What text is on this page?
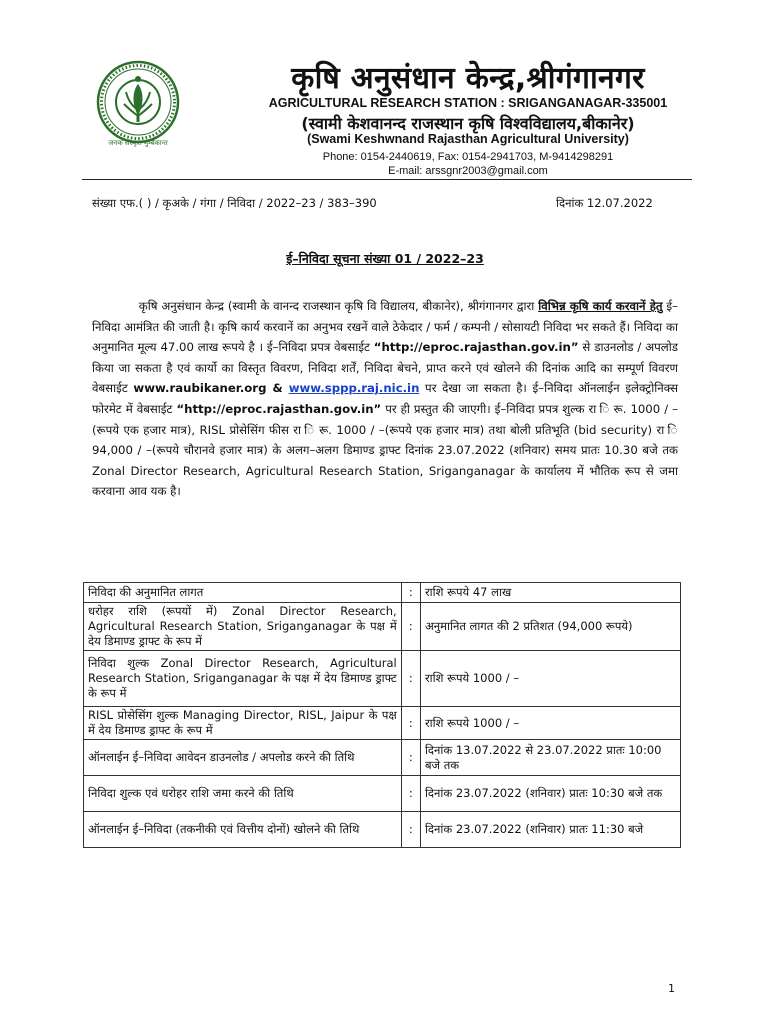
जनक संस्कृत मुम्बैकान्त
कृषि अनुसंधान केन्द्र,श्रीगंगानगर
AGRICULTURAL RESEARCH STATION : SRIGANGANAGAR-335001
(स्वामी केशवानन्द राजस्थान कृषि विश्वविद्यालय,बीकानेर)
(Swami Keshwnand Rajasthan Agricultural University)
Phone: 0154-2440619, Fax: 0154-2941703, M-9414298291
E-mail: arssgnr2003@gmail.com
संख्या एफ.( ) / कृअके / गंगा / निविदा / 2022–23 / 383–390	दिनांक 12.07.2022
ई–निविदा सूचना संख्या 01 / 2022–23
    कृषि अनुसंधान केन्द्र (स्वामी के वानन्द राजस्थान कृषि वि विद्यालय, बीकानेर), श्रीगंगानगर द्वारा विभिन्न कृषि कार्य करवानें हेतु ई–निविदा आमंत्रित की जाती है। कृषि कार्य करवानें का अनुभव रखनें वाले ठेकेदार / फर्म / कम्पनी / सोसायटी निविदा भर सकते हैं। निविदा का अनुमानित मूल्य 47.00 लाख रूपये है । ई–निविदा प्रपत्र वेबसाईट “http://eproc.rajasthan.gov.in” से डाउनलोड / अपलोड किया जा सकता है एवं कार्यो का विस्तृत विवरण, निविदा शर्तें, निविदा बेचने, प्राप्त करने एवं खोलने की दिनांक आदि का सम्पूर्ण विवरण वेबसाईट www.raubikaner.org & www.sppp.raj.nic.in पर देखा जा सकता है। ई–निविदा ऑनलाईन इलेक्ट्रोनिक्स फोरमेट में वेबसाईट “http://eproc.rajasthan.gov.in” पर ही प्रस्तुत की जाएगी। ई–निविदा प्रपत्र शुल्क रा ि रू. 1000 / –(रूपये एक हजार मात्र), RISL प्रोसेसिंग फीस रा ि रू. 1000 / –(रूपये एक हजार मात्र) तथा बोली प्रतिभूति (bid security) रा ि 94,000 / –(रूपये चौरानवे हजार मात्र) के अलग–अलग डिमाण्ड ड्राफ्ट दिनांक 23.07.2022 (शनिवार) समय प्रातः 10.30 बजे तक Zonal Director Research, Agricultural Research Station, Sriganganagar के कार्यालय में भौतिक रूप से जमा करवाना आव यक है।
निविदा की अनुमानित लागत	:	राशि रूपये 47 लाख
धरोहर राशि (रूपयों में) Zonal Director Research, Agricultural Research Station, Sriganganagar के पक्ष में देय डिमाण्ड ड्राफ्ट के रूप में	:	अनुमानित लागत की 2 प्रतिशत (94,000 रूपये)
निविदा शुल्क Zonal Director Research, Agricultural Research Station, Sriganganagar के पक्ष में देय डिमाण्ड ड्राफ्ट के रूप में	:	राशि रूपये 1000 / –
RISL प्रोसेसिंग शुल्क Managing Director, RISL, Jaipur के पक्ष में देय डिमाण्ड ड्राफ्ट के रूप में	:	राशि रूपये 1000 / –
ऑनलाईन ई–निविदा आवेदन डाउनलोड / अपलोड करने की तिथि	:	दिनांक 13.07.2022 से 23.07.2022 प्रातः 10:00 बजे तक
निविदा शुल्क एवं धरोहर राशि जमा करने की तिथि	:	दिनांक 23.07.2022 (शनिवार) प्रातः 10:30 बजे तक
ऑनलाईन ई–निविदा (तकनीकी एवं वित्तीय दोनों) खोलने की तिथि	:	दिनांक 23.07.2022 (शनिवार) प्रातः 11:30 बजे
1
